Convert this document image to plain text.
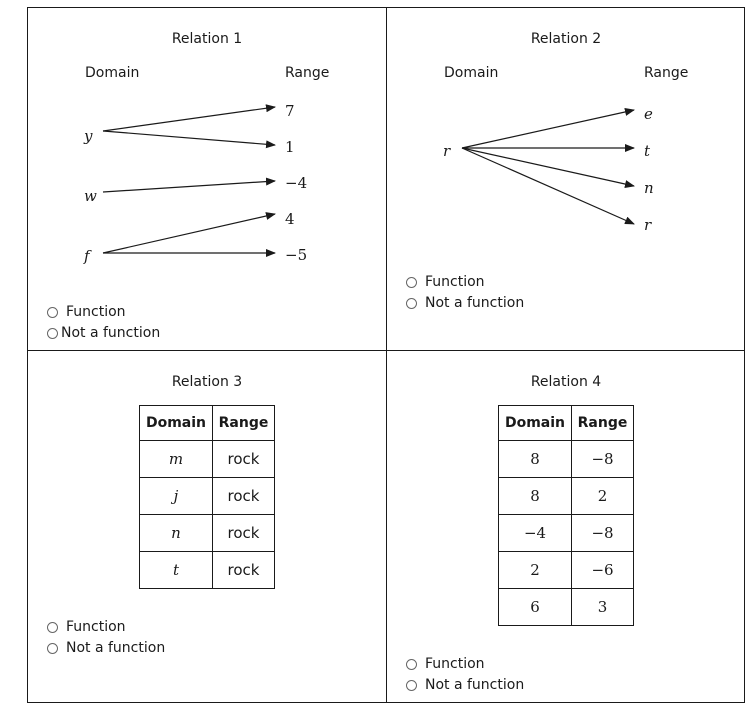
Relation 1
Domain	Range
y
w
f
7
1
−4
4
−5
Function
Not a function
Relation 2
Domain	Range
r
e
t
n
r
Function
Not a function
Relation 3
Domain	Range
m	rock
j	rock
n	rock
t	rock
Function
Not a function
Relation 4
Domain	Range
8	−8
8	2
−4	−8
2	−6
6	3
Function
Not a function
